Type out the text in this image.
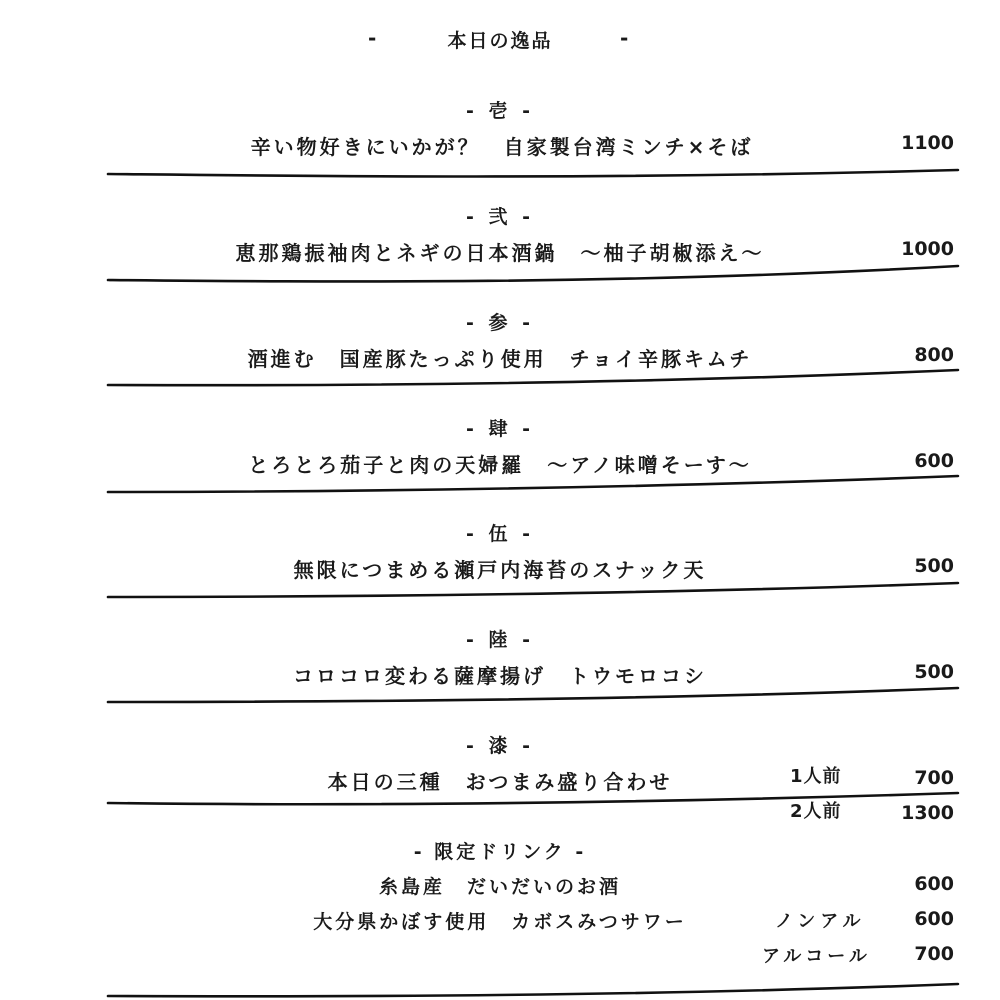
-	本日の逸品	-
- 壱 -
辛い物好きにいかが？　自家製台湾ミンチ×そば	1100
- 弐 -
恵那鶏振袖肉とネギの日本酒鍋　～柚子胡椒添え～	1000
- 参 -
酒進む　国産豚たっぷり使用　チョイ辛豚キムチ	800
- 肆 -
とろとろ茄子と肉の天婦羅　～アノ味噌そーす～	600
- 伍 -
無限につまめる瀬戸内海苔のスナック天	500
- 陸 -
コロコロ変わる薩摩揚げ　トウモロコシ	500
- 漆 -
本日の三種　おつまみ盛り合わせ	1人前	700
2人前	1300
- 限定ドリンク -
糸島産　だいだいのお酒	600
大分県かぼす使用　カボスみつサワー	ノンアル	600
アルコール	700
